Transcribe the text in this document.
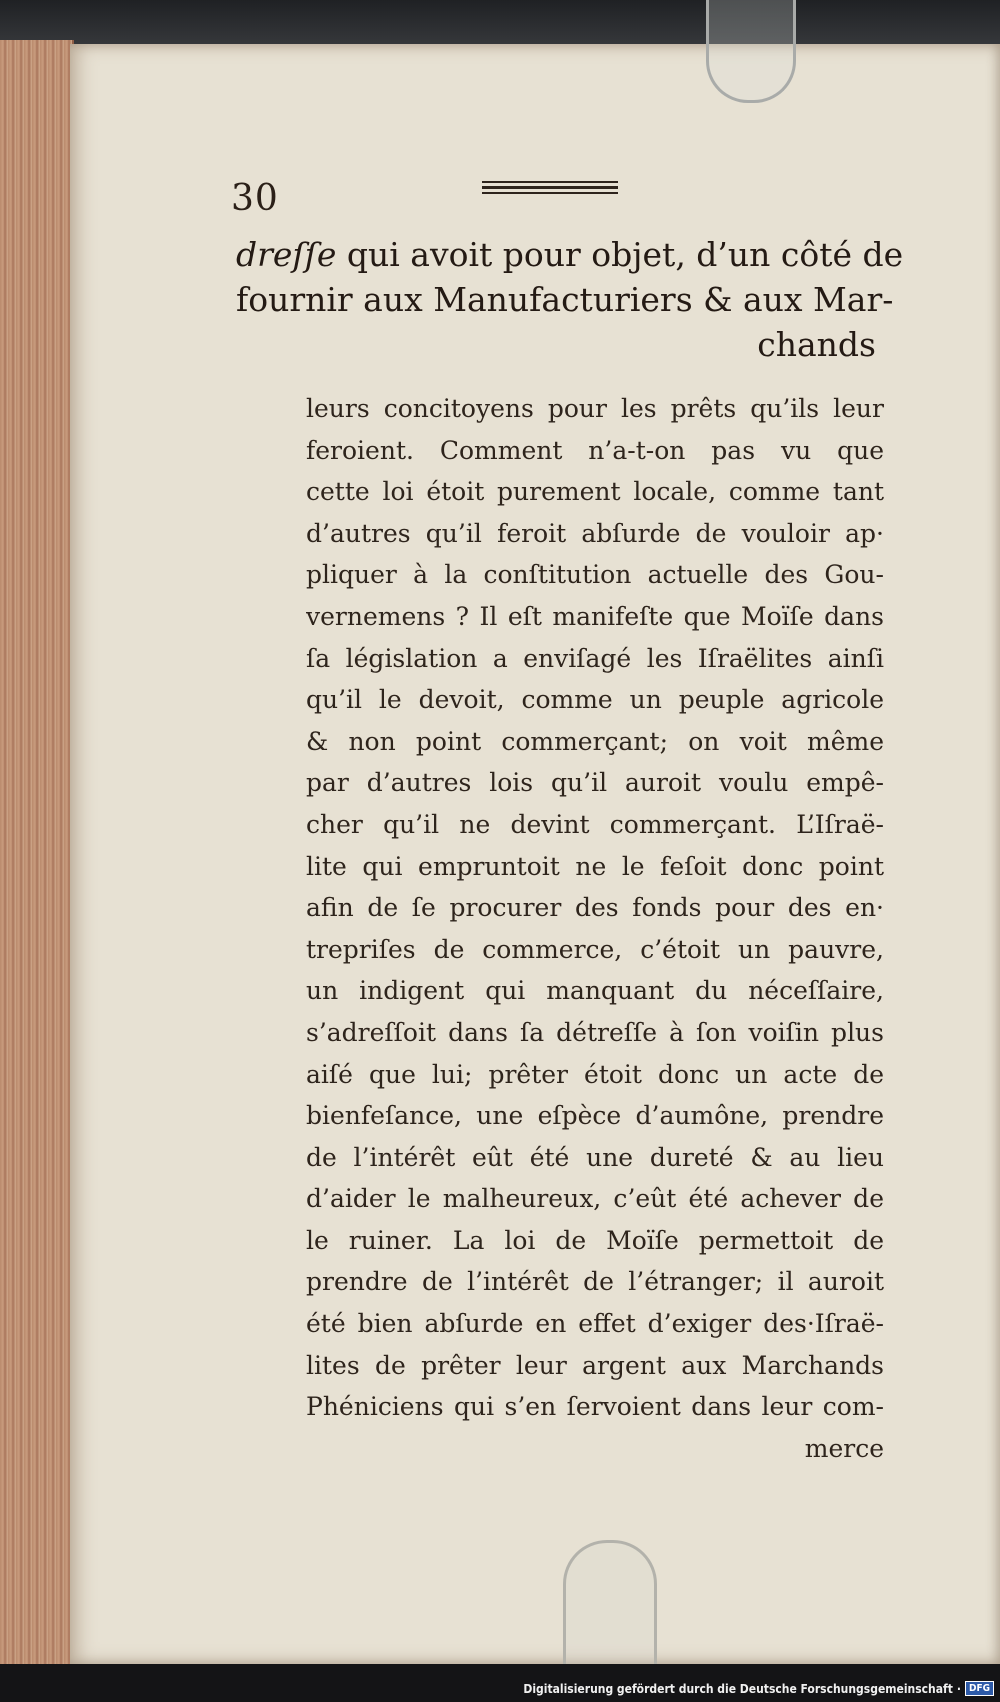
30
dreſſe qui avoit pour objet, d’un côté de
fournir aux Manufacturiers & aux Mar-
chands
leurs concitoyens pour les prêts qu’ils leur
feroient. Comment n’a-t-on pas vu que
cette loi étoit purement locale, comme tant
d’autres qu’il feroit abſurde de vouloir ap·
pliquer à la conſtitution actuelle des Gou-
vernemens ? Il eſt manifeſte que Moïſe dans
ſa législation a enviſagé les Iſraëlites ainſi
qu’il le devoit, comme un peuple agricole
& non point commerçant; on voit même
par d’autres lois qu’il auroit voulu empê-
cher qu’il ne devint commerçant. L’Iſraë-
lite qui empruntoit ne le feſoit donc point
afin de ſe procurer des fonds pour des en·
trepriſes de commerce, c’étoit un pauvre,
un indigent qui manquant du néceſſaire,
s’adreſſoit dans ſa détreſſe à ſon voiſin plus
aiſé que lui; prêter étoit donc un acte de
bienfeſance, une eſpèce d’aumône, prendre
de l’intérêt eût été une dureté & au lieu
d’aider le malheureux, c’eût été achever de
le ruiner. La loi de Moïſe permettoit de
prendre de l’intérêt de l’étranger; il auroit
été bien abſurde en effet d’exiger des·Iſraë-
lites de prêter leur argent aux Marchands
Phéniciens qui s’en ſervoient dans leur com-
merce
Digitalisierung gefördert durch die Deutsche Forschungsgemeinschaft · DFG
